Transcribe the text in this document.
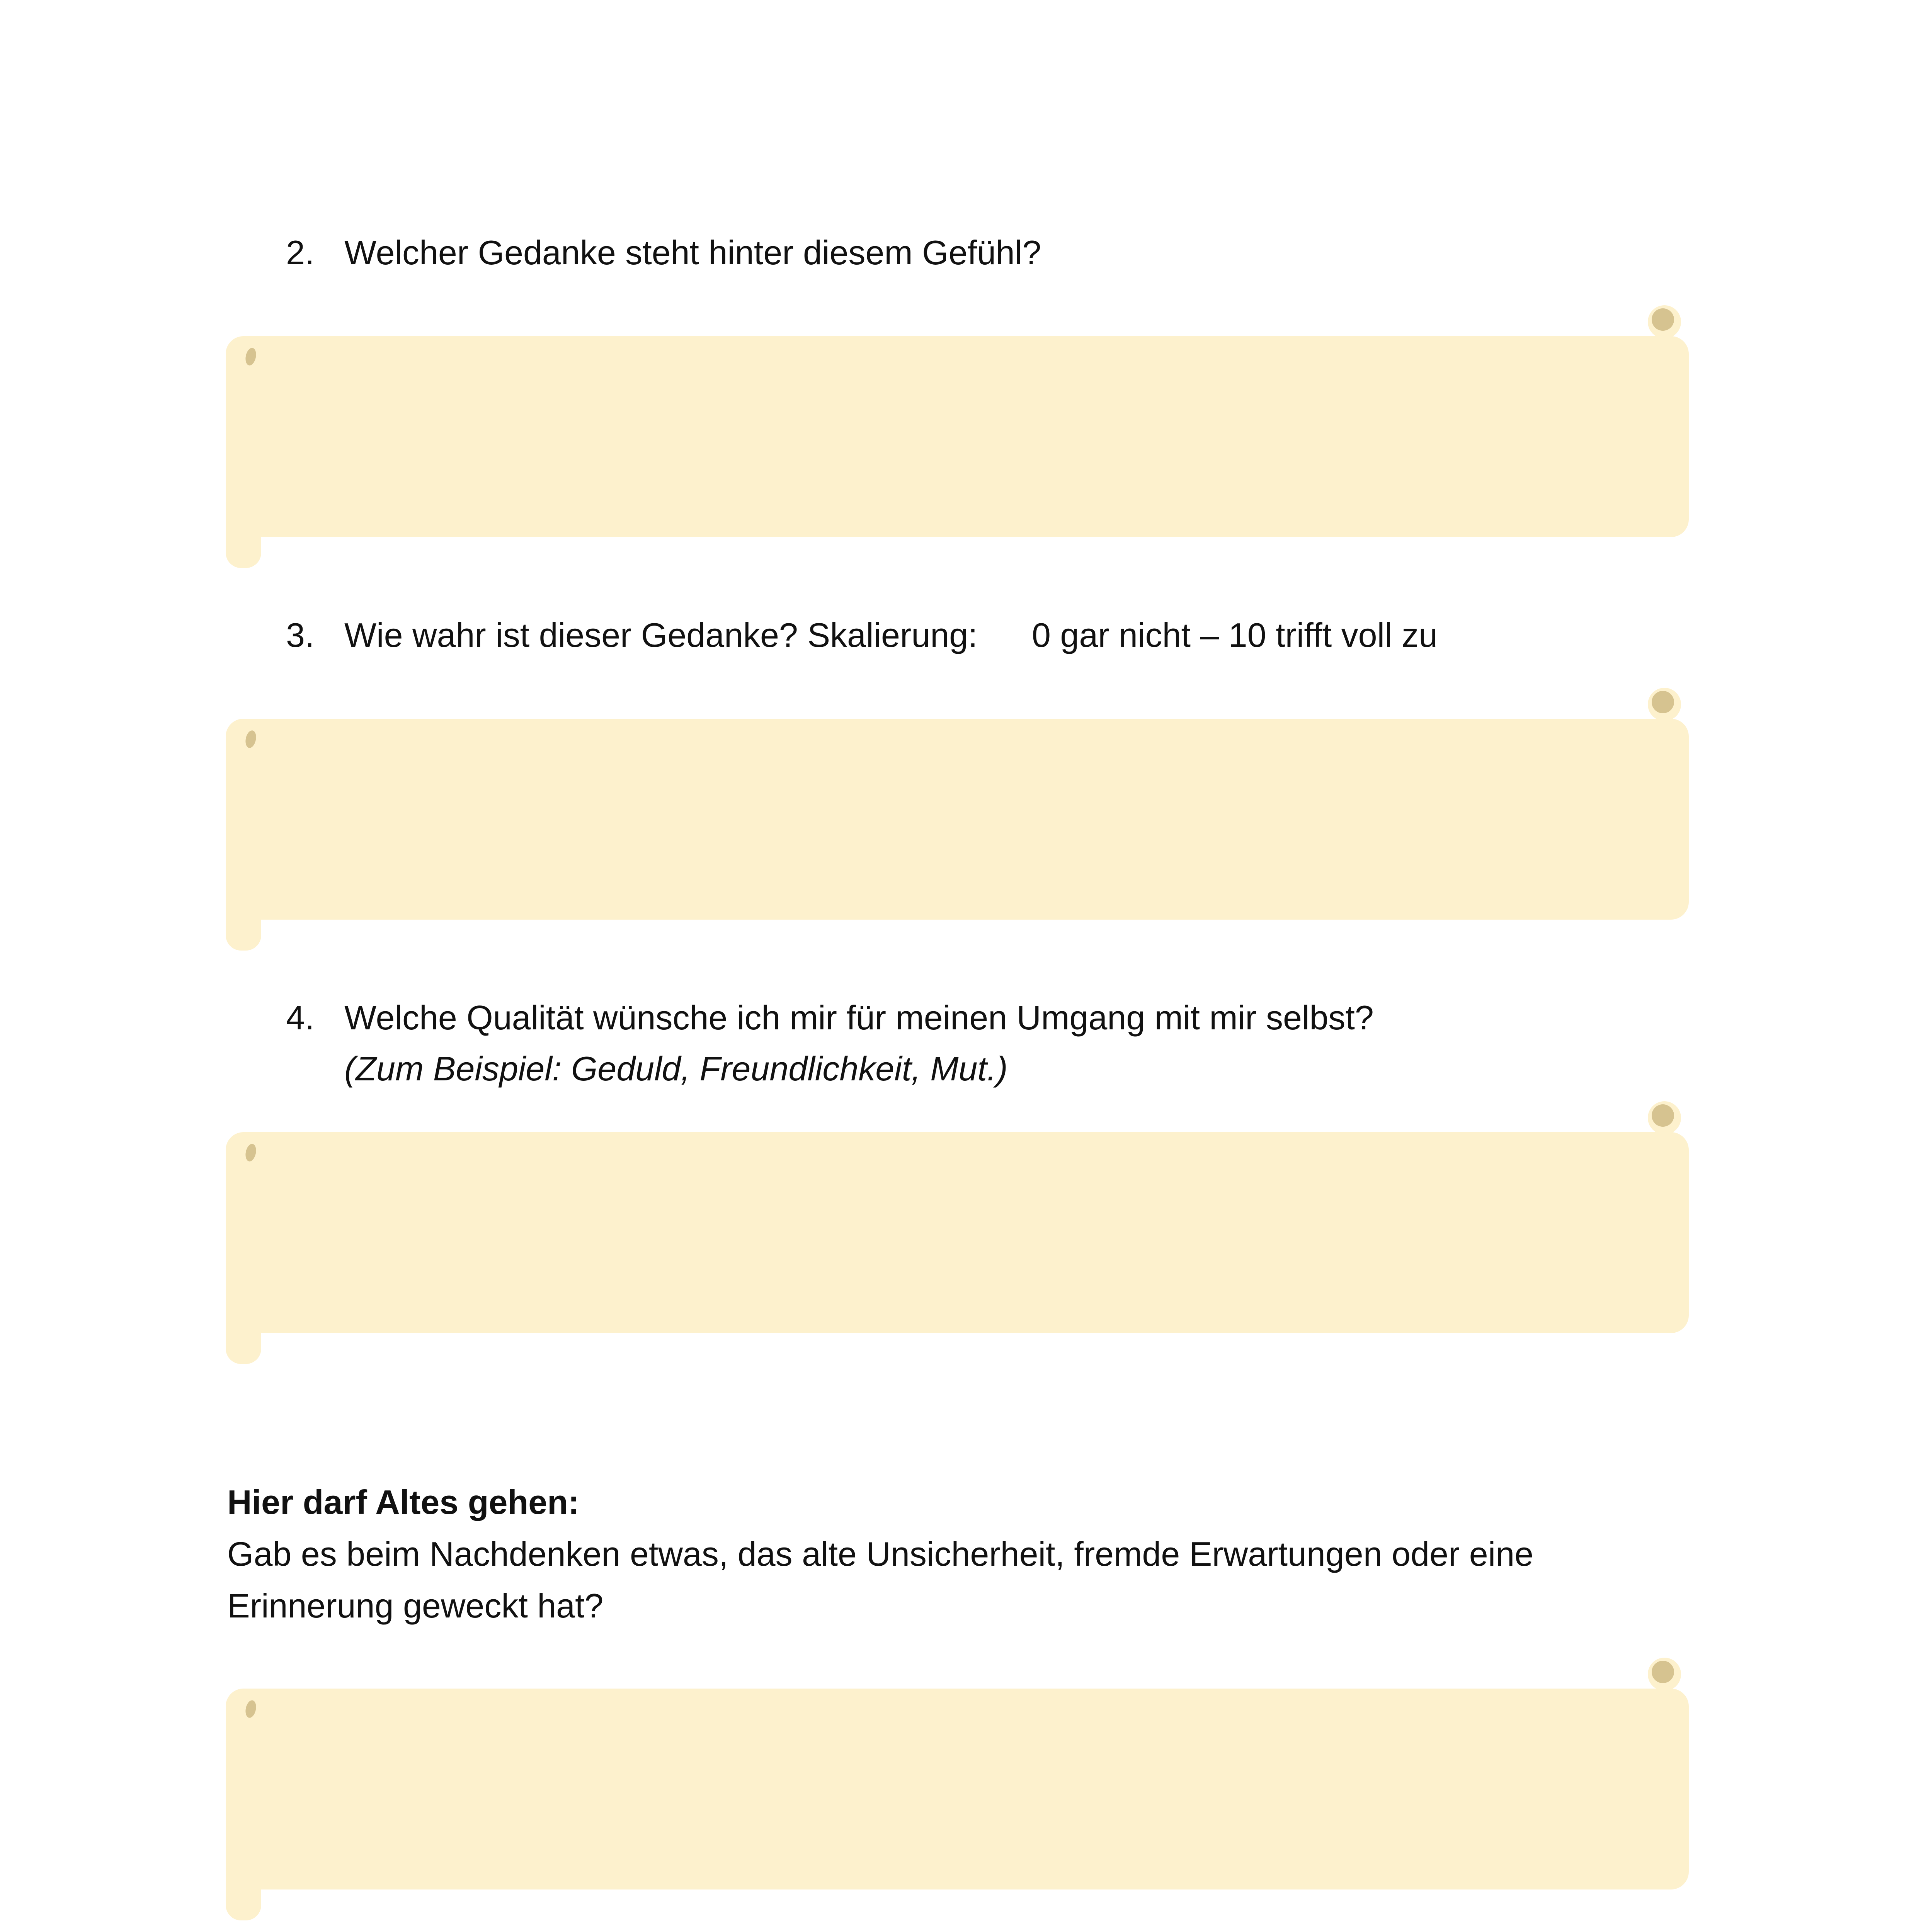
2. Welcher Gedanke steht hinter diesem Gefühl?
3. Wie wahr ist dieser Gedanke? Skalierung: 0 gar nicht – 10 trifft voll zu
4. Welche Qualität wünsche ich mir für meinen Umgang mit mir selbst?
(Zum Beispiel: Geduld, Freundlichkeit, Mut.)
Hier darf Altes gehen:
Gab es beim Nachdenken etwas, das alte Unsicherheit, fremde Erwartungen oder eine
Erinnerung geweckt hat?
